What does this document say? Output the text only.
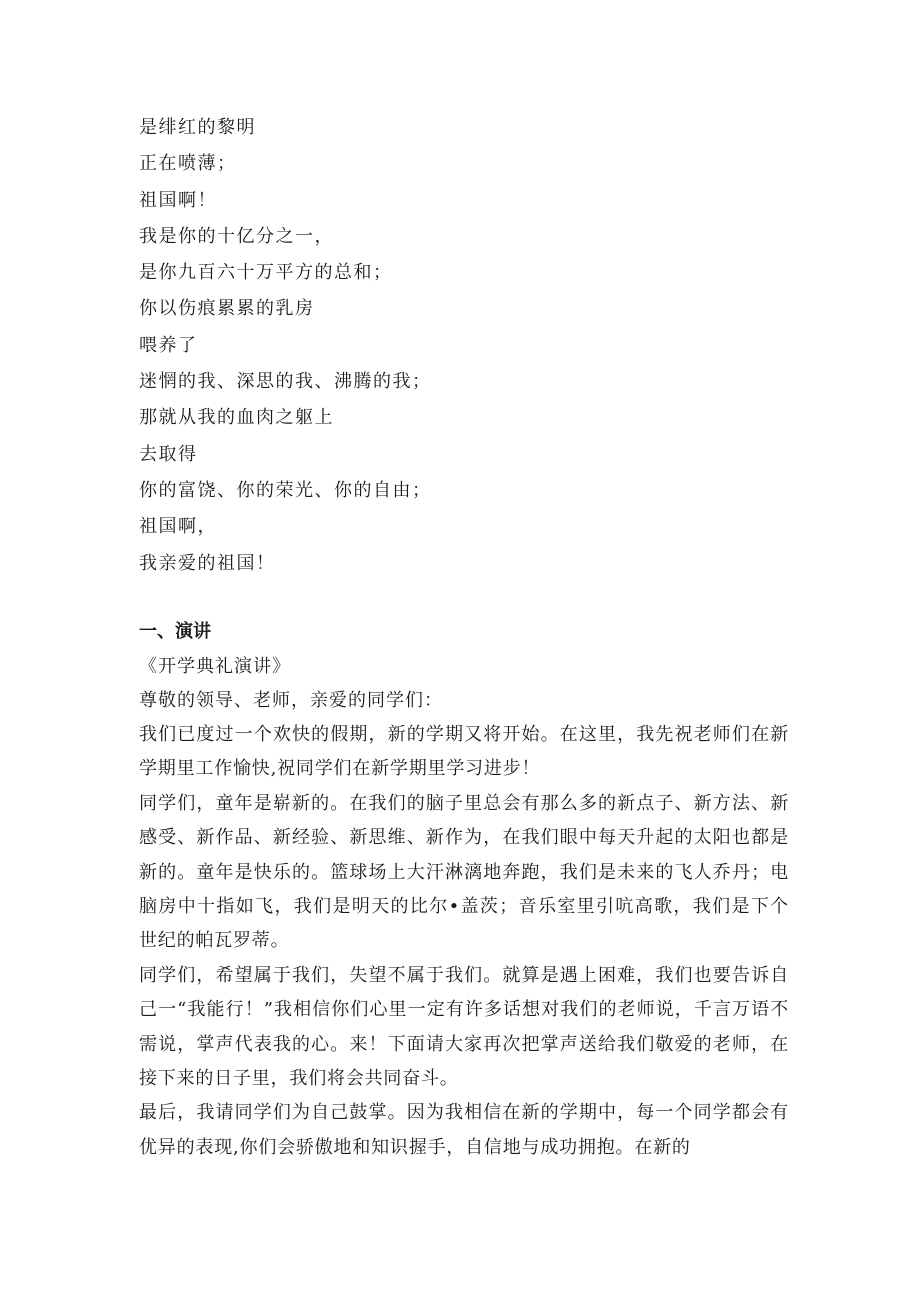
是绯红的黎明
正在喷薄；
祖国啊！
我是你的十亿分之一，
是你九百六十万平方的总和；
你以伤痕累累的乳房
喂养了
迷惘的我、深思的我、沸腾的我；
那就从我的血肉之躯上
去取得
你的富饶、你的荣光、你的自由；
祖国啊，
我亲爱的祖国！
一、演讲
《开学典礼演讲》
尊敬的领导、老师，亲爱的同学们：

我们已度过一个欢快的假期，新的学期又将开始。在这里，我先祝老师们在新学期里工作愉快,祝同学们在新学期里学习进步！

同学们，童年是崭新的。在我们的脑子里总会有那么多的新点子、新方法、新感受、新作品、新经验、新思维、新作为，在我们眼中每天升起的太阳也都是新的。童年是快乐的。篮球场上大汗淋漓地奔跑，我们是未来的飞人乔丹；电脑房中十指如飞，我们是明天的比尔•盖茨；音乐室里引吭高歌，我们是下个世纪的帕瓦罗蒂。

同学们，希望属于我们，失望不属于我们。就算是遇上困难，我们也要告诉自己一“我能行！”我相信你们心里一定有许多话想对我们的老师说，千言万语不需说，掌声代表我的心。来！下面请大家再次把掌声送给我们敬爱的老师，在接下来的日子里，我们将会共同奋斗。

最后，我请同学们为自己鼓掌。因为我相信在新的学期中，每一个同学都会有优异的表现,你们会骄傲地和知识握手，自信地与成功拥抱。在新的
